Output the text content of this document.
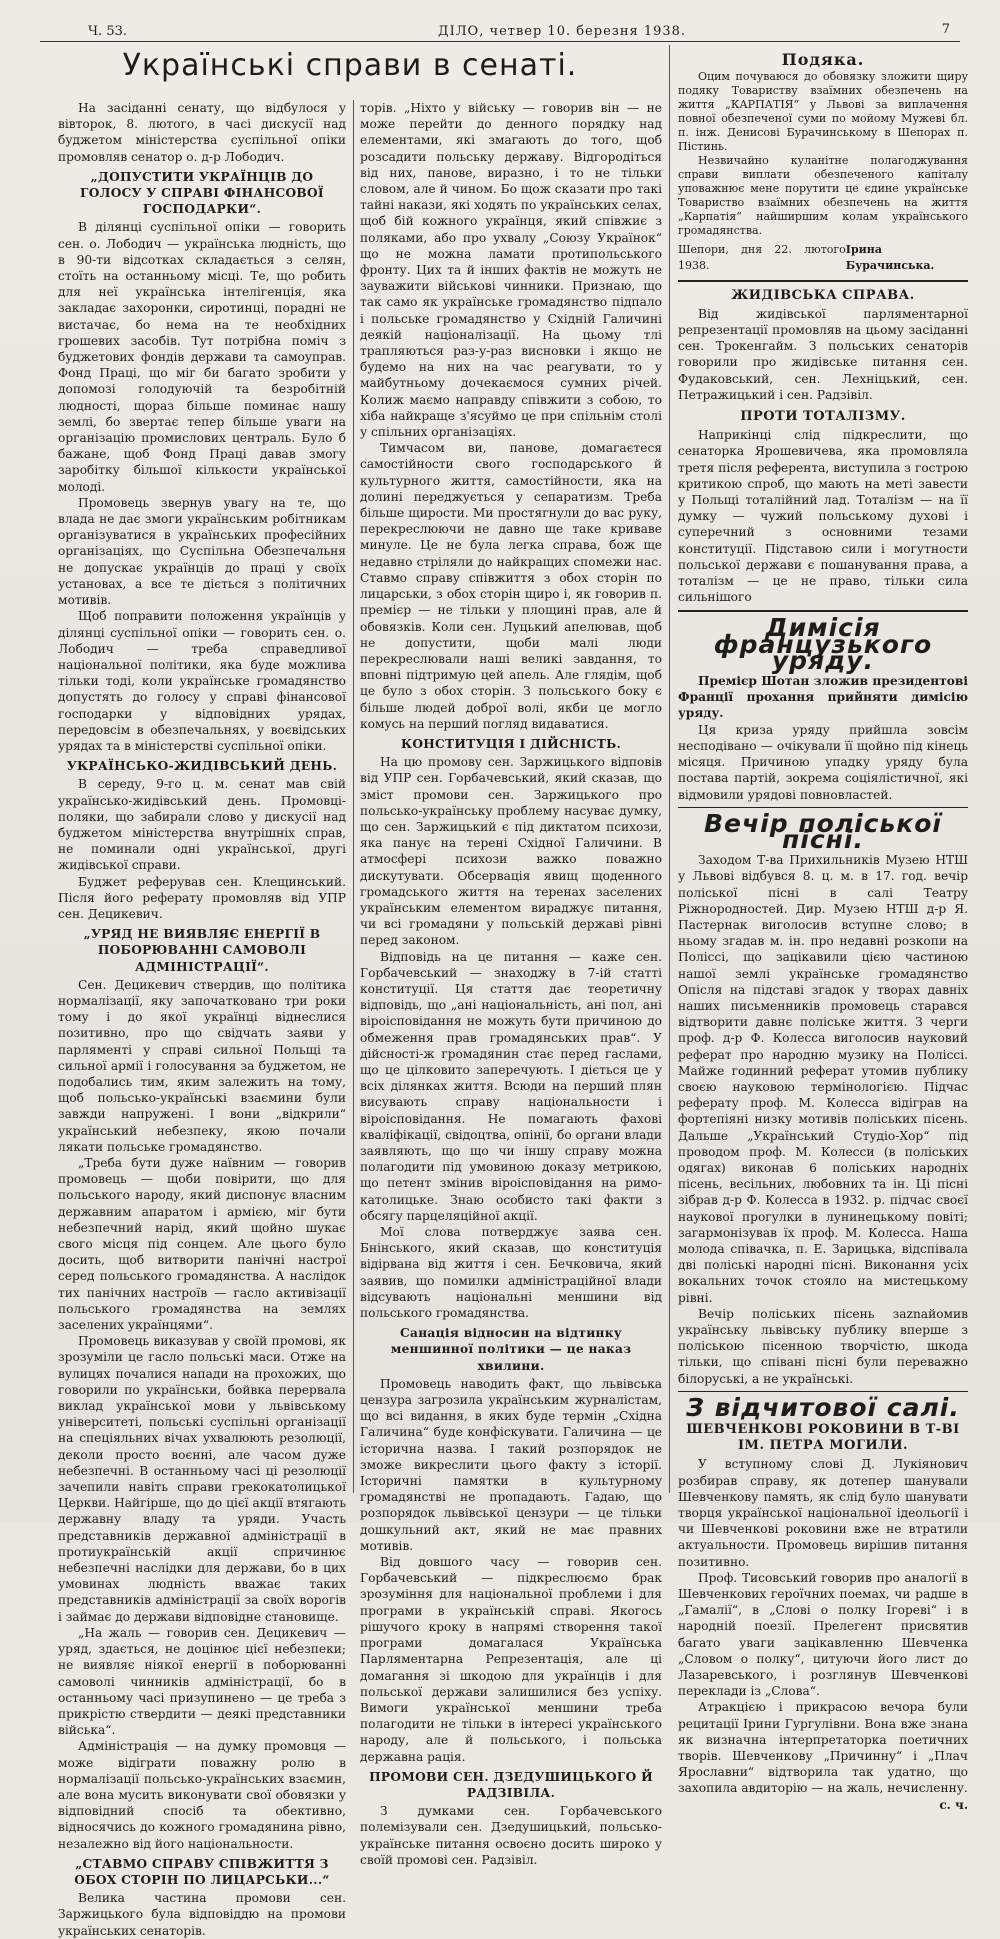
Ч. 53.	ДІЛО, четвер 10. березня 1938.	7
Українські справи в сенаті.

На засіданні сенату, що відбулося у вівторок, 8. лютого, в часі дискусії над буджетом міністерства суспільної опіки промовляв сенатор о. д-р Лободич.

„ДОПУСТИТИ УКРАЇНЦІВ ДО ГОЛОСУ У СПРАВІ ФІНАНСОВОЇ ГОСПОДАРКИ“.

В ділянці суспільної опіки — говорить сен. о. Лободич — українська людність, що в 90-ти відсотках складається з селян, стоїть на останньому місці. Те, що робить для неї українська інтелігенція, яка закладає захоронки, сиротинці, порадні не вистачає, бо нема на те необхідних грошевих засобів. Тут потрібна поміч з буджетових фондів держави та самоуправ. Фонд Праці, що міг би багато зробити у допомозі голодуючій та безробітній людності, щораз більше поминає нашу землі, бо звертає тепер більше уваги на організацію промислових централь. Було б бажане, щоб Фонд Праці давав змогу заробітку більшої кількости української молоді.

Промовець звернув увагу на те, що влада не дає змоги українським робітникам організуватися в українських професійних організаціях, що Суспільна Обезпечальня не допускає українців до праці у своїх установах, а все те діється з політичних мотивів.

Щоб поправити положення українців у ділянці суспільної опіки — говорить сен. о. Лободич — треба справедливої національної політики, яка буде можлива тільки тоді, коли українське громадянство допустять до голосу у справі фінансової господарки у відповідних урядах, передовсім в обезпечальнях, у воєвідських урядах та в міністерстві суспільної опіки.

УКРАЇНСЬКО-ЖИДІВСЬКИЙ ДЕНЬ.

В середу, 9-го ц. м. сенат мав свій українсько-жидівський день. Промовці-поляки, що забирали слово у дискусії над буджетом міністерства внутрішніх справ, не поминали одні української, другі жидівської справи.

Буджет реферував сен. Клещинський. Після його реферату промовляв від УПР сен. Децикевич.

„УРЯД НЕ ВИЯВЛЯЄ ЕНЕРГІЇ В ПОБОРЮВАННІ САМОВОЛІ АДМІНІСТРАЦІЇ“.

Сен. Децикевич ствердив, що політика нормалізації, яку започатковано три роки тому і до якої українці віднеслися позитивно, про що свідчать заяви у парляменті у справі сильної Польщі та сильної армії і голосування за буджетом, не подобались тим, яким залежить на тому, щоб польсько-українські взаємини були завжди напружені. І вони „відкрили“ український небезпеку, якою почали лякати польське громадянство.

„Треба бути дуже наївним — говорив промовець — щоби повірити, що для польського народу, який диспонує власним державним апаратом і армією, міг бути небезпечний нарід, який щойно шукає свого місця під сонцем. Але цього було досить, щоб витворити панічні настрої серед польського громадянства. А наслідок тих панічних настроїв — гасло активізації польського громадянства на землях заселених українцями“.

Промовець виказував у своїй промові, як зрозуміли це гасло польські маси. Отже на вулицях почалися напади на прохожих, що говорили по українськи, бойвка перервала виклад української мови у львівському університеті, польські суспільні організації на спеціяльних вічах ухвалюють резолюції, деколи просто воєнні, але часом дуже небезпечні. В останньому часі ці резолюції зачепили навіть справи грекокатолицької Церкви. Найгірше, що до цієї акції втягають державну владу та уряди. Участь представників державної адміністрації в протиукраїнській акції спричинює небезпечні наслідки для держави, бо в цих умовинах людність вважає таких представників адміністрації за своїх ворогів і займає до держави відповідне становище.

„На жаль — говорив сен. Децикевич — уряд, здається, не доцінює цієї небезпеки; не виявляє ніякої енергії в поборюванні самоволі чинників адміністрації, бо в останньому часі призупинено — це треба з прикрістю ствердити — деякі представники війська“.

Адміністрація — на думку промовця — може відіграти поважну ролю в нормалізації польсько-українських взаємин, але вона мусить виконувати свої обовязки у відповідний спосіб та обективно, відносячись до кожного громадянина рівно, незалежно від його національности.

„СТАВМО СПРАВУ СПІВЖИТТЯ З ОБОХ СТОРІН ПО ЛИЦАРСЬКИ...“

Велика частина промови сен. Заржицького була відповіддю на промови українських сенаторів.

торів. „Ніхто у війську — говорив він — не може перейти до денного порядку над елементами, які змагають до того, щоб розсадити польську державу. Відгородіться від них, панове, виразно, і то не тільки словом, але й чином. Бо щож сказати про такі тайні накази, які ходять по українських селах, щоб бій кожного українця, який співжиє з поляками, або про ухвалу „Союзу Українок“ що не можна ламати протипольського фронту. Цих та й інших фактів не можуть не зауважити військові чинники. Признаю, що так само як українське громадянство підпало і польське громадянство у Східній Галичині деякій націоналізації. На цьому тлі трапляються раз-у-раз висновки і якщо не будемо на них на час реагувати, то у майбутньому дочекаємося сумних річей. Колиж маємо направду співжити з собою, то хіба найкраще з'ясуймо це при спільнім столі у спільних організаціях.

Тимчасом ви, панове, домагаєтеся самостійности свого господарського й культурного життя, самостійности, яка на долині переджується у сепаратизм. Треба більше щирости. Ми простягнули до вас руку, перекреслюючи не давно ще таке криваве минуле. Це не була легка справа, бож ще недавно стріляли до найкращих спомежи нас. Ставмо справу співжиття з обох сторін по лицарськи, з обох сторін щиро і, як говорив п. премієр — не тільки у площині прав, але й обовязків. Коли сен. Луцький апелював, щоб не допустити, щоби малі люди перекреслювали наші великі завдання, то вповні підтримую цей апель. Але глядім, щоб це було з обох сторін. З польського боку є більше людей доброї волі, якби це могло комусь на перший погляд видаватися.

КОНСТИТУЦІЯ І ДІЙСНІСТЬ.

На цю промову сен. Заржицького відповів від УПР сен. Горбачевський, який сказав, що зміст промови сен. Заржицького про польсько-українську проблему насуває думку, що сен. Заржицький є під диктатом психози, яка панує на терені Східної Галичини. В атмосфері психози важко поважно дискутувати. Обсервація явищ щоденного громадського життя на теренах заселених українським елементом вираджує питання, чи всі громадяни у польській державі рівні перед законом.

Відповідь на це питання — каже сен. Горбачевський — знаходжу в 7-ій статті конституції. Ця стаття дає теоретичну відповідь, що „ані національність, ані пол, ані віроісповідання не можуть бути причиною до обмеження прав громадянських прав“. У дійсності-ж громадянин стає перед гаслами, що це цілковито заперечують. І діється це у всіх ділянках життя. Всюди на перший плян висувають справу національности і віроісповідання. Не помагають фахові кваліфікації, свідоцтва, опінії, бо органи влади заявляють, що що чи іншу справу можна полагодити під умовиною доказу метрикою, що петент змінив віроісповідання на римо-католицьке. Знаю особисто такі факти з обсягу парцеляційної акції.

Мої слова потверджує заява сен. Бнінського, який сказав, що конституція відірвана від життя і сен. Бечковича, який заявив, що помилки адміністраційної влади відсувають національні меншини від польського громадянства.

Санація відносин на відтинку меншинної політики — це наказ хвилини.

Промовець наводить факт, що львівська цензура загрозила українським журналістам, що всі видання, в яких буде термін „Східна Галичина“ буде конфіскувати. Галичина — це історична назва. І такий розпорядок не зможе викреслити цього факту з історії. Історичні памятки в культурному громадянстві не пропадають. Гадаю, що розпорядок львівської цензури — це тільки дошкульний акт, який не має правних мотивів.

Від довшого часу — говорив сен. Горбачевський — підкреслюємо брак зрозуміння для національної проблеми і для програми в українській справі. Якогось рішучого кроку в напрямі створення такої програми домагалася Українська Парляментарна Репрезентація, але ці домагання зі шкодою для українців і для польської держави залишилися без успіху. Вимоги української меншини треба полагодити не тільки в інтересі українського народу, але й польського, і польська державна рація.

ПРОМОВИ СЕН. ДЗЕДУШИЦЬКОГО Й РАДЗІВІЛА.

З думками сен. Горбачевського полемізували сен. Дзедушицький, польсько-українське питання освоєно досить широко у своїй промові сен. Радзівіл.

Подяка.

Оцим почуваюся до обовязку зложити щиру подяку Товариству взаїмних обезпечень на життя „КАРПАТІЯ“ у Львові за виплачення повної обезпеченої суми по мойому Мужеві бл. п. інж. Денисові Бурачинському в Шепорах п. Пістинь.

Незвичайно куланітне полагоджування справи виплати обезпеченого капіталу уповажнює мене порутити це єдине українське Товариство взаїмних обезпечень на життя „Карпатія“ найширшим колам українського громадянства.

Шепори, дня 22. лютого 1938.
Ірина Бурачинська.
ЖИДІВСЬКА СПРАВА.

Від жидівської парляментарної репрезентації промовляв на цьому засіданні сен. Трокенгайм. З польських сенаторів говорили про жидівське питання сен. Фудаковський, сен. Лехніцький, сен. Петражицький і сен. Радзівіл.

ПРОТИ ТОТАЛІЗМУ.

Наприкінці слід підкреслити, що сенаторка Ярошевичева, яка промовляла третя після референта, виступила з гострою критикою спроб, що мають на меті завести у Польщі тоталійний лад. Тоталізм — на її думку — чужий польському духові і суперечний з основними тезами конституції. Підставою сили і могутности польської держави є пошанування права, а тоталізм — це не право, тільки сила сильнішого

Димісія французького уряду.

Премієр Шотан зложив президентові Франції прохання прийняти димісію уряду.

Ця криза уряду прийшла зовсім несподівано — очікували її щойно під кінець місяця. Причиною упадку уряду була постава партій, зокрема соціялістичної, які відмовили урядові повновластей.

Вечір поліської пісні.

Заходом Т-ва Прихильників Музею НТШ у Львові відбувся 8. ц. м. в 17. год. вечір поліської пісні в салі Театру Ріжнородностей. Дир. Музею НТШ д-р Я. Пастернак виголосив вступне слово; в ньому згадав м. ін. про недавні розкопи на Поліссі, що зацікавили цією частиною нашої землі українське громадянство Опісля на підставі згадок у творах давніх наших письменників промовець старався відтворити давнє поліське життя. З черги проф. д-р Ф. Колесса виголосив науковий реферат про народню музику на Поліссі. Майже годинний реферат утомив публику своєю науковою термінологією. Підчас реферату проф. М. Колесса відіграв на фортепіяні низку мотивів поліських пісень. Дальше „Український Студіо-Хор“ під проводом проф. М. Колесси (в поліських одягах) виконав 6 поліських народніх пісень, весільних, любовних та ін. Ці пісні зібрав д-р Ф. Колесса в 1932. р. підчас своєї наукової прогулки в лунинецькому повіті; загармонізував їх проф. М. Колесса. Наша молода співачка, п. Е. Зарицька, відспівала дві поліські народні пісні. Виконання усіх вокальних точок стояло на мистецькому рівні.

Вечір поліських пісень заznайомив українську львівську публику вперше з поліською пісенною творчістю, шкода тільки, що співані пісні були переважно білоруські, а не українські.

З відчитової салі.
ШЕВЧЕНКОВІ РОКОВИНИ В Т-ВІ ІМ. ПЕТРА МОГИЛИ.

У вступному слові Д. Лукіянович розбирав справу, як дотепер шанували Шевченкову память, як слід було шанувати творця української національної ідеольогії і чи Шевченкові роковини вже не втратили актуальности. Промовець вирішив питання позитивно.

Проф. Тисовський говорив про аналогії в Шевченкових героїчних поемах, чи радше в „Гамалії“, в „Слові о полку Ігореві“ і в народній поезії. Прелегент присвятив багато уваги зацікавленню Шевченка „Словом о полку“, цитуючи його лист до Лазаревського, і розглянув Шевченкові переклади із „Слова“.

Атракцією і прикрасою вечора були рецитації Ірини Гургулівни. Вона вже знана як визначна інтерпретаторка поетичних творів. Шевченкову „Причинну“ і „Плач Ярославни“ відтворила так удатно, що захопила авдиторію — на жаль, нечисленну.

с. ч.
